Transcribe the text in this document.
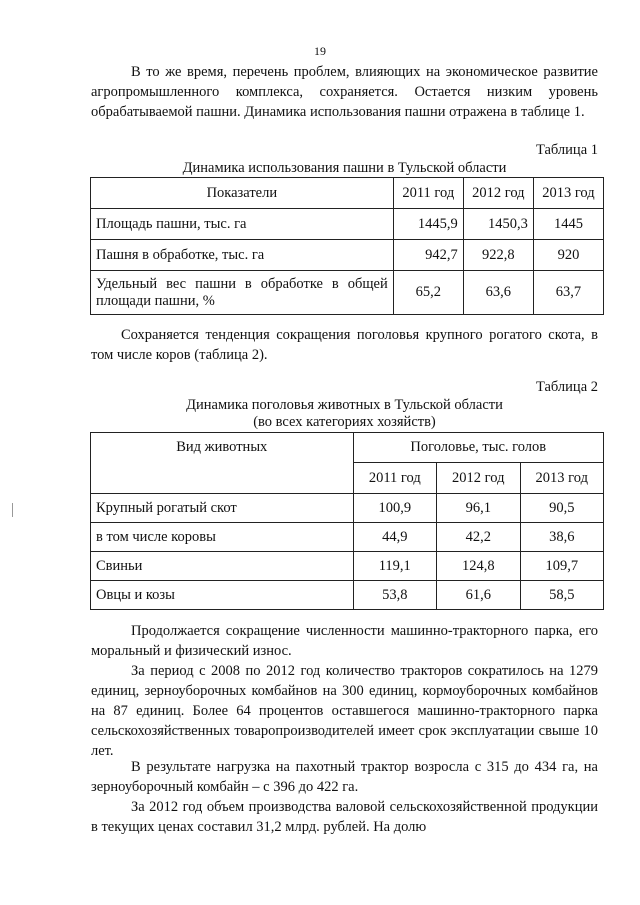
19
В то же время, перечень проблем, влияющих на экономическое развитие агропромышленного комплекса, сохраняется. Остается низким уровень обрабатываемой пашни. Динамика использования пашни отражена в таблице 1.
Таблица 1
Динамика использования пашни в Тульской области
Показатели	2011 год	2012 год	2013 год
Площадь пашни, тыс. га	1445,9	1450,3	1445
Пашня в обработке, тыс. га	942,7	922,8	920

Удельный вес пашни в обработке в общей
площади пашни, %	65,2	63,6	63,7
Сохраняется тенденция сокращения поголовья крупного рогатого скота, в том числе коров (таблица 2).
Таблица 2
Динамика поголовья животных в Тульской области
(во всех категориях хозяйств)
Вид животных	Поголовье, тыс. голов		
	2011 год	2012 год	2013 год
Крупный рогатый скот	100,9	96,1	90,5
в том числе коровы	44,9	42,2	38,6
Свиньи	119,1	124,8	109,7
Овцы и козы	53,8	61,6	58,5
Продолжается сокращение численности машинно-тракторного парка, его моральный и физический износ.
За период с 2008 по 2012 год количество тракторов сократилось на 1279 единиц, зерноуборочных комбайнов на 300 единиц, кормоуборочных комбайнов на 87 единиц. Более 64 процентов оставшегося машинно-тракторного парка сельскохозяйственных товаропроизводителей имеет срок эксплуатации свыше 10 лет.
В результате нагрузка на пахотный трактор возросла с 315 до 434 га, на зерноуборочный комбайн – с 396 до 422 га.
За 2012 год объем производства валовой сельскохозяйственной продукции в текущих ценах составил 31,2 млрд. рублей. На долю
